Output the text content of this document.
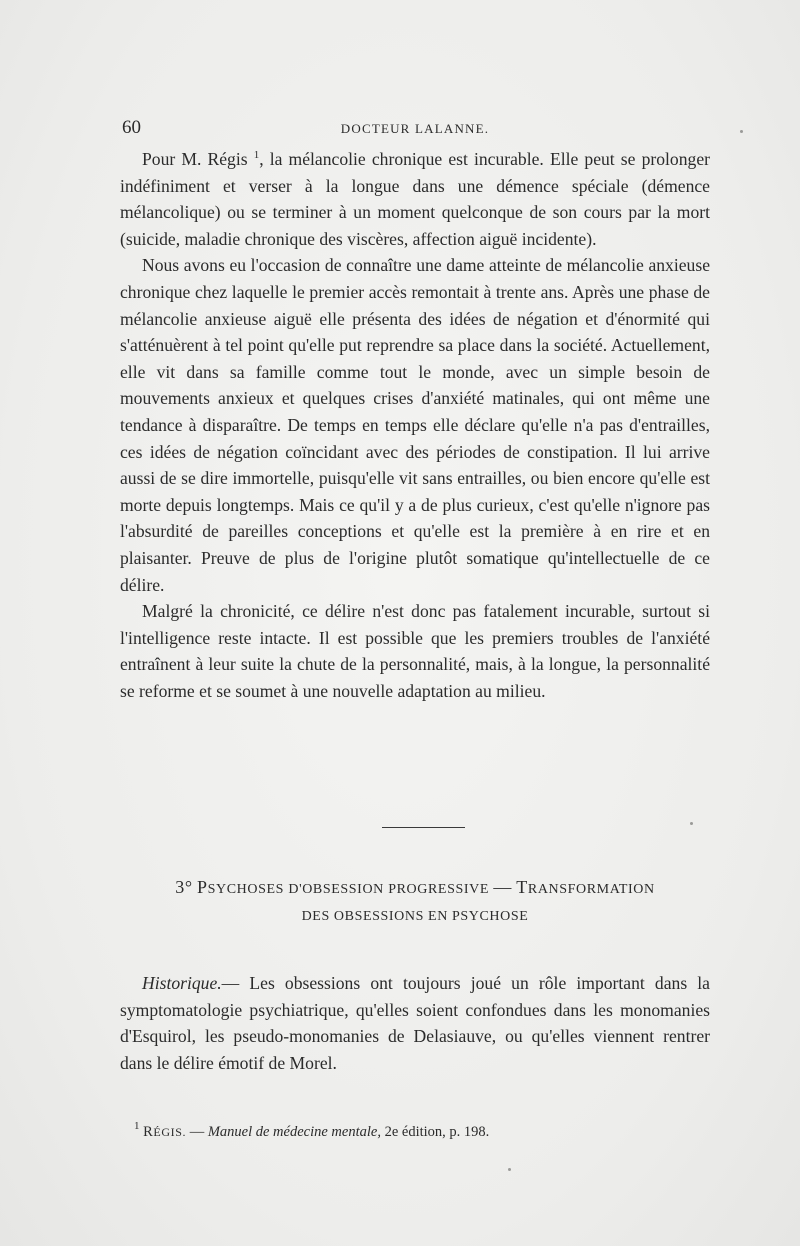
60	DOCTEUR LALANNE.

Pour M. Régis $^1$, la mélancolie chronique est incurable. Elle peut se prolonger indéfiniment et verser à la longue dans une démence spéciale (démence mélancolique) ou se terminer à un moment quelconque de son cours par la mort (suicide, maladie chronique des viscères, affection aiguë incidente).

Nous avons eu l'occasion de connaître une dame atteinte de mélancolie anxieuse chronique chez laquelle le premier accès remontait à trente ans. Après une phase de mélancolie anxieuse aiguë elle présenta des idées de négation et d'énormité qui s'atténuèrent à tel point qu'elle put reprendre sa place dans la société. Actuellement, elle vit dans sa famille comme tout le monde, avec un simple besoin de mouvements anxieux et quelques crises d'anxiété matinales, qui ont même une tendance à disparaître. De temps en temps elle déclare qu'elle n'a pas d'entrailles, ces idées de négation coïncidant avec des périodes de constipation. Il lui arrive aussi de se dire immortelle, puisqu'elle vit sans entrailles, ou bien encore qu'elle est morte depuis longtemps. Mais ce qu'il y a de plus curieux, c'est qu'elle n'ignore pas l'absurdité de pareilles conceptions et qu'elle est la première à en rire et en plaisanter. Preuve de plus de l'origine plutôt somatique qu'intellectuelle de ce délire.

Malgré la chronicité, ce délire n'est donc pas fatalement incurable, surtout si l'intelligence reste intacte. Il est possible que les premiers troubles de l'anxiété entraînent à leur suite la chute de la personnalité, mais, à la longue, la personnalité se reforme et se soumet à une nouvelle adaptation au milieu.

3° PSYCHOSES D'OBSESSION PROGRESSIVE — TRANSFORMATION
DES OBSESSIONS EN PSYCHOSE

Historique.— Les obsessions ont toujours joué un rôle important dans la symptomatologie psychiatrique, qu'elles soient confondues dans les monomanies d'Esquirol, les pseudo-monomanies de Delasiauve, ou qu'elles viennent rentrer dans le délire émotif de Morel.

$^1$ RÉGIS. — Manuel de médecine mentale, 2e édition, p. 198.
